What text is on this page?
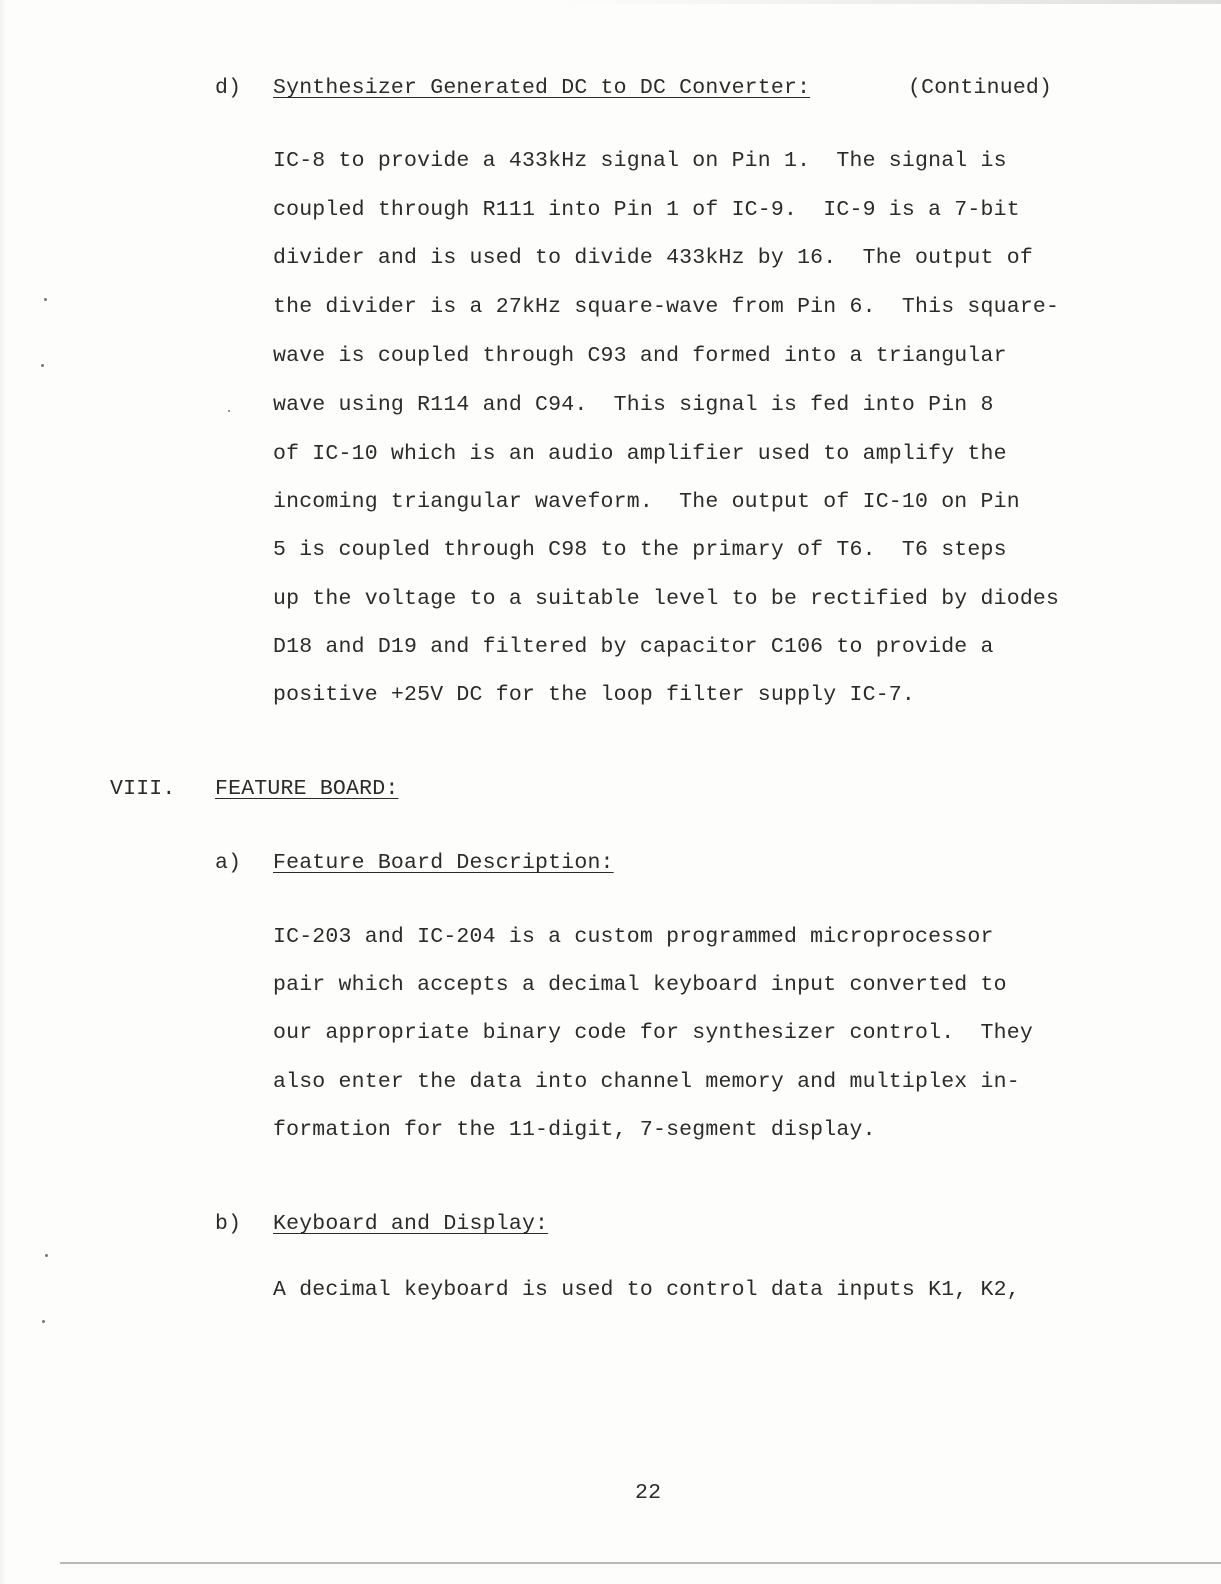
d) Synthesizer Generated DC to DC Converter:	(Continued)
IC-8 to provide a 433kHz signal on Pin 1.  The signal is
coupled through R111 into Pin 1 of IC-9.  IC-9 is a 7-bit
divider and is used to divide 433kHz by 16.  The output of
the divider is a 27kHz square-wave from Pin 6.  This square-
wave is coupled through C93 and formed into a triangular
wave using R114 and C94.  This signal is fed into Pin 8
of IC-10 which is an audio amplifier used to amplify the
incoming triangular waveform.  The output of IC-10 on Pin
5 is coupled through C98 to the primary of T6.  T6 steps
up the voltage to a suitable level to be rectified by diodes
D18 and D19 and filtered by capacitor C106 to provide a
positive +25V DC for the loop filter supply IC-7.
VIII. FEATURE BOARD:
a) Feature Board Description:
IC-203 and IC-204 is a custom programmed microprocessor
pair which accepts a decimal keyboard input converted to
our appropriate binary code for synthesizer control.  They
also enter the data into channel memory and multiplex in-
formation for the 11-digit, 7-segment display.
b) Keyboard and Display:
A decimal keyboard is used to control data inputs K1, K2,
22
